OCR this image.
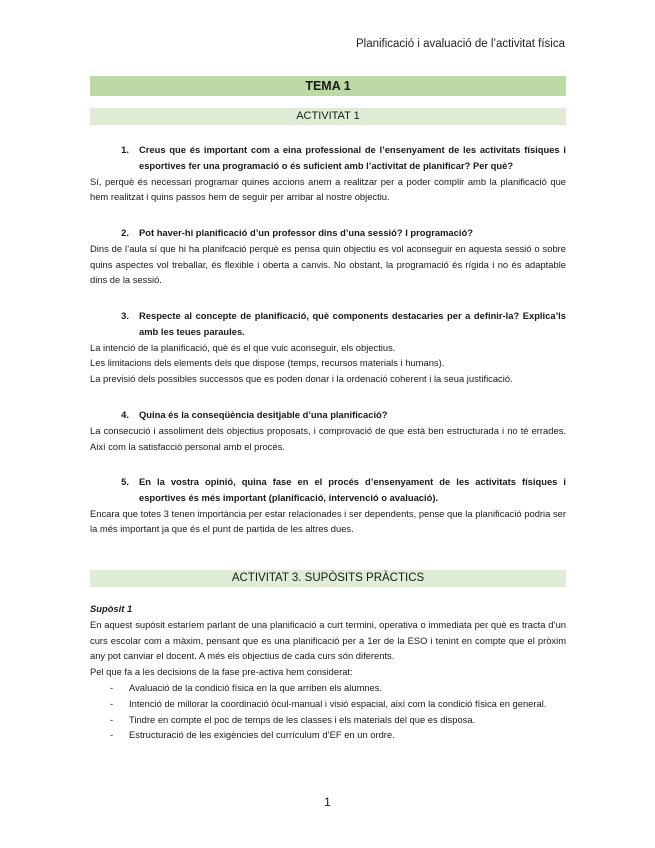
Planificació i avaluació de l’activitat física
TEMA 1
ACTIVITAT 1
1.	Creus que és important com a eina professional de l’ensenyament de les activitats físiques i esportives fer una programació o és suficient amb l’activitat de planificar? Per què?

Sí, perquè és necessari programar quines accions anem a realitzar per a poder complir amb la planificació que hem realitzat i quins passos hem de seguir per arribar al nostre objectiu.

2.	Pot haver-hi planificació d’un professor dins d’una sessió? I programació?

Dins de l’aula sí que hi ha planifcació perquè es pensa quin objectiu es vol aconseguir en aquesta sessió o sobre quins aspectes vol treballar, és flexible i oberta a canvis. No obstant, la programació és rígida i no és adaptable dins de la sessió.

3.	Respecte al concepte de planificació, què components destacaries per a definir-la? Explica’ls amb les teues paraules.

La intenció de la planificació, què és el que vuic aconseguir, els objectius.

Les limitacions dels elements dels que dispose (temps, recursos materials i humans).

La previsió dels possibles successos que es poden donar i la ordenació coherent i la seua justificació.

4.	Quina és la conseqüència desitjable d’una planificació?

La consecució i assoliment dels objectius proposats, i comprovació de que està ben estructurada i no té errades. Així com la satisfacció personal amb el procés.

5.	En la vostra opinió, quina fase en el procés d’ensenyament de les activitats físiques i esportives és més important (planificació, intervenció o avaluació).

Encara que totes 3 tenen importància per estar relacionades i ser dependents, pense que la planificació podria ser la més important ja que és el punt de partida de les altres dues.

ACTIVITAT 3. SUPÒSITS PRÀCTICS

Supòsit 1

En aquest supòsit estaríem parlant de una planificació a curt termini, operativa o immediata per què es tracta d’un curs escolar com a màxim, pensant que es una planificació per a 1er de la ESO i tenint en compte que el pròxim any pot canviar el docent. A més els objectius de cada curs són diferents.

Pel que fa a les decisions de la fase pre-activa hem considerat:

-	Avaluació de la condició física en la que arriben els alumnes.
-	Intenció de millorar la coordinació òcul-manual i visió espacial, així com la condició física en general.
-	Tindre en compte el poc de temps de les classes i els materials del que es disposa.
-	Estructuració de les exigències del currículum d’EF en un ordre.
1
